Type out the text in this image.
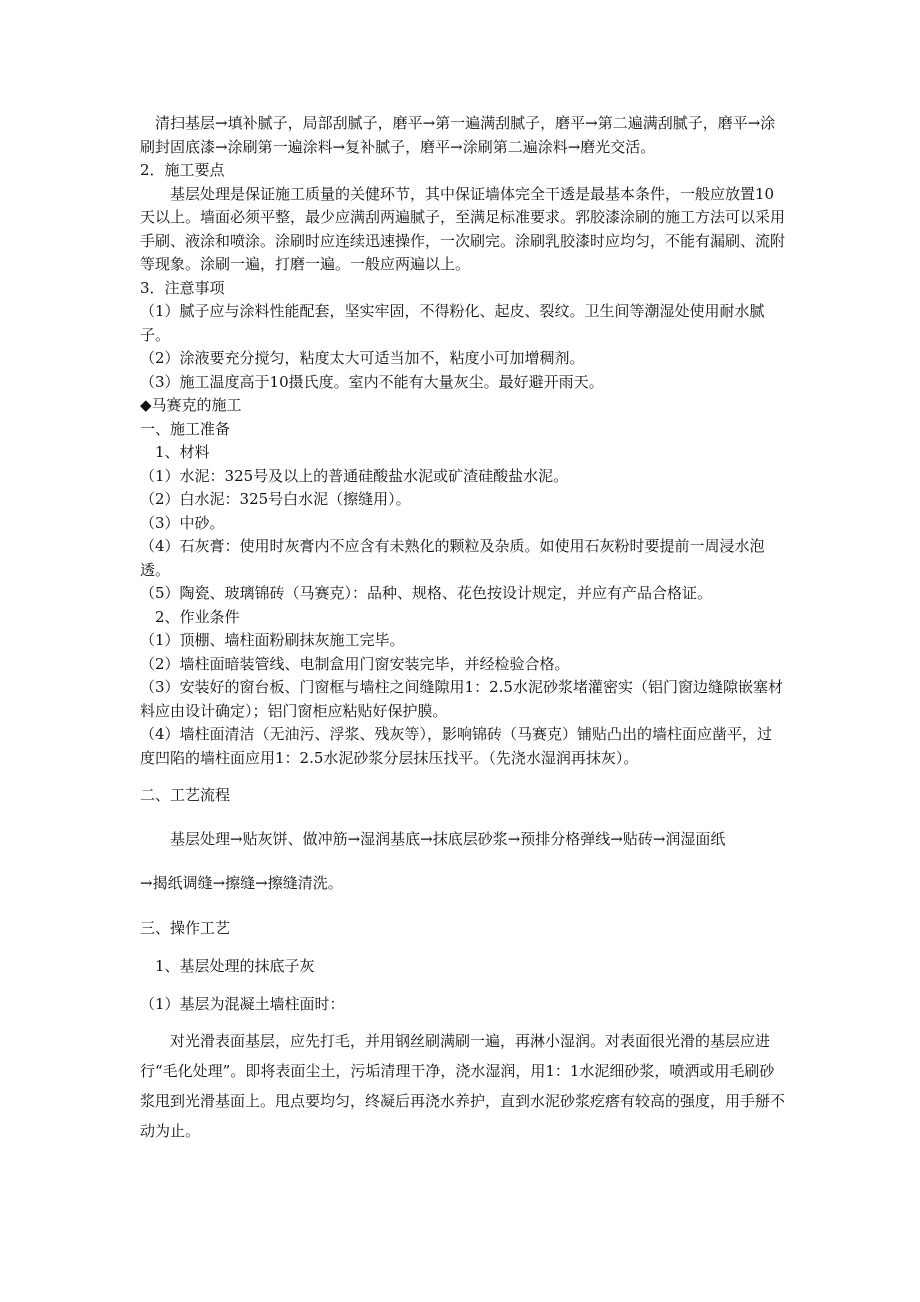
清扫基层→填补腻子，局部刮腻子，磨平→第一遍满刮腻子，磨平→第二遍满刮腻子，磨平→涂刷封固底漆→涂刷第一遍涂料→复补腻子，磨平→涂刷第二遍涂料→磨光交活。

2．施工要点

基层处理是保证施工质量的关健环节，其中保证墙体完全干透是最基本条件，一般应放置10天以上。墙面必须平整，最少应满刮两遍腻子，至满足标准要求。郛胶漆涂刷的施工方法可以采用手刷、液涂和喷涂。涂刷时应连续迅速操作，一次刷完。涂刷乳胶漆时应均匀，不能有漏刷、流附等现象。涂刷一遍，打磨一遍。一般应两遍以上。

3．注意事项

（1）腻子应与涂料性能配套，坚实牢固，不得粉化、起皮、裂纹。卫生间等潮湿处使用耐水腻子。

（2）涂液要充分搅匀，粘度太大可适当加不，粘度小可加增稠剂。

（3）施工温度高于10摄氏度。室内不能有大量灰尘。最好避开雨天。

◆马赛克的施工

一、施工准备

1、材料

（1）水泥：325号及以上的普通硅酸盐水泥或矿渣硅酸盐水泥。

（2）白水泥：325号白水泥（擦缝用）。

（3）中砂。

（4）石灰膏：使用时灰膏内不应含有未熟化的颗粒及杂质。如使用石灰粉时要提前一周浸水泡透。

（5）陶瓷、玻璃锦砖（马赛克）：品种、规格、花色按设计规定，并应有产品合格证。

2、作业条件

（1）顶棚、墙柱面粉刷抹灰施工完毕。

（2）墙柱面暗装管线、电制盒用门窗安装完毕，并经检验合格。

（3）安装好的窗台板、门窗框与墙柱之间缝隙用1：2.5水泥砂浆堵灌密实（铝门窗边缝隙嵌塞材料应由设计确定）；铝门窗柜应粘贴好保护膜。

（4）墙柱面清洁（无油污、浮浆、残灰等），影响锦砖（马赛克）铺贴凸出的墙柱面应凿平，过度凹陷的墙柱面应用1：2.5水泥砂浆分层抹压找平。（先浇水湿润再抹灰）。

二、工艺流程

基层处理→贴灰饼、做冲筋→湿润基底→抹底层砂浆→预排分格弹线→贴砖→润湿面纸

→揭纸调缝→擦缝→擦缝清洗。

三、操作工艺

1、基层处理的抹底子灰

（1）基层为混凝土墙柱面时：

对光滑表面基层，应先打毛，并用钢丝刷满刷一遍，再淋小湿润。对表面很光滑的基层应进行“毛化处理”。即将表面尘土，污垢清理干净，浇水湿润，用1：1水泥细砂浆，喷洒或用毛刷砂浆甩到光滑基面上。甩点要均匀，终凝后再浇水养护，直到水泥砂浆疙瘩有较高的强度，用手掰不动为止。
